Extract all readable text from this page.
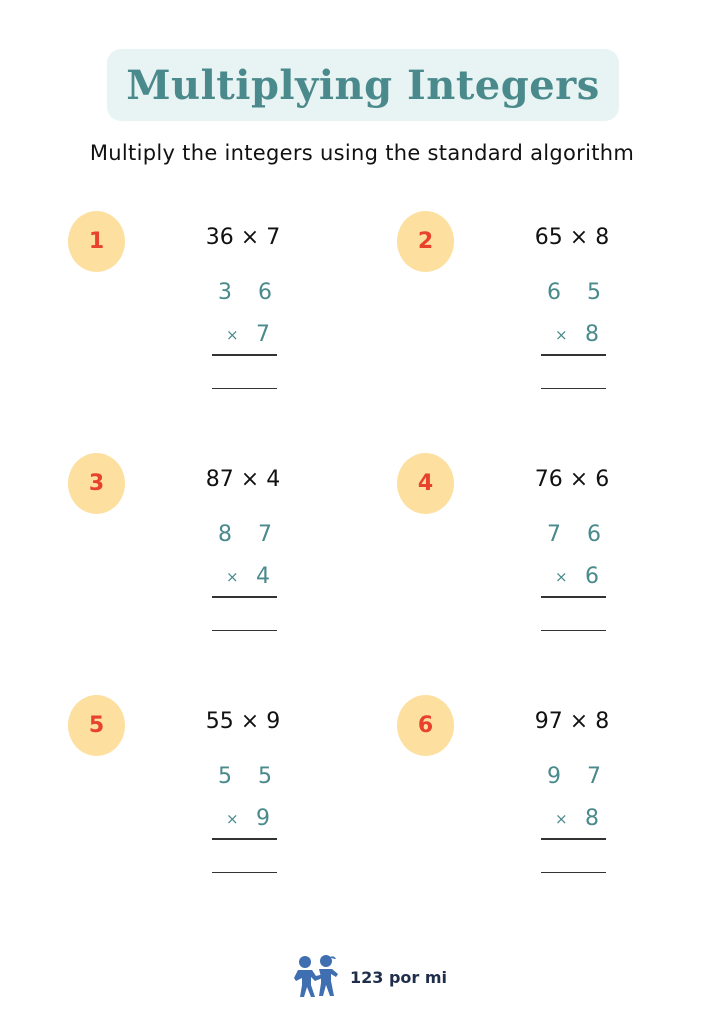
Multiplying Integers
Multiply the integers using the standard algorithm
1	36 × 7
3 6
× 7
2	65 × 8
6 5
× 8
3	87 × 4
8 7
× 4
4	76 × 6
7 6
× 6
5	55 × 9
5 5
× 9
6	97 × 8
9 7
× 8
123 por mi
